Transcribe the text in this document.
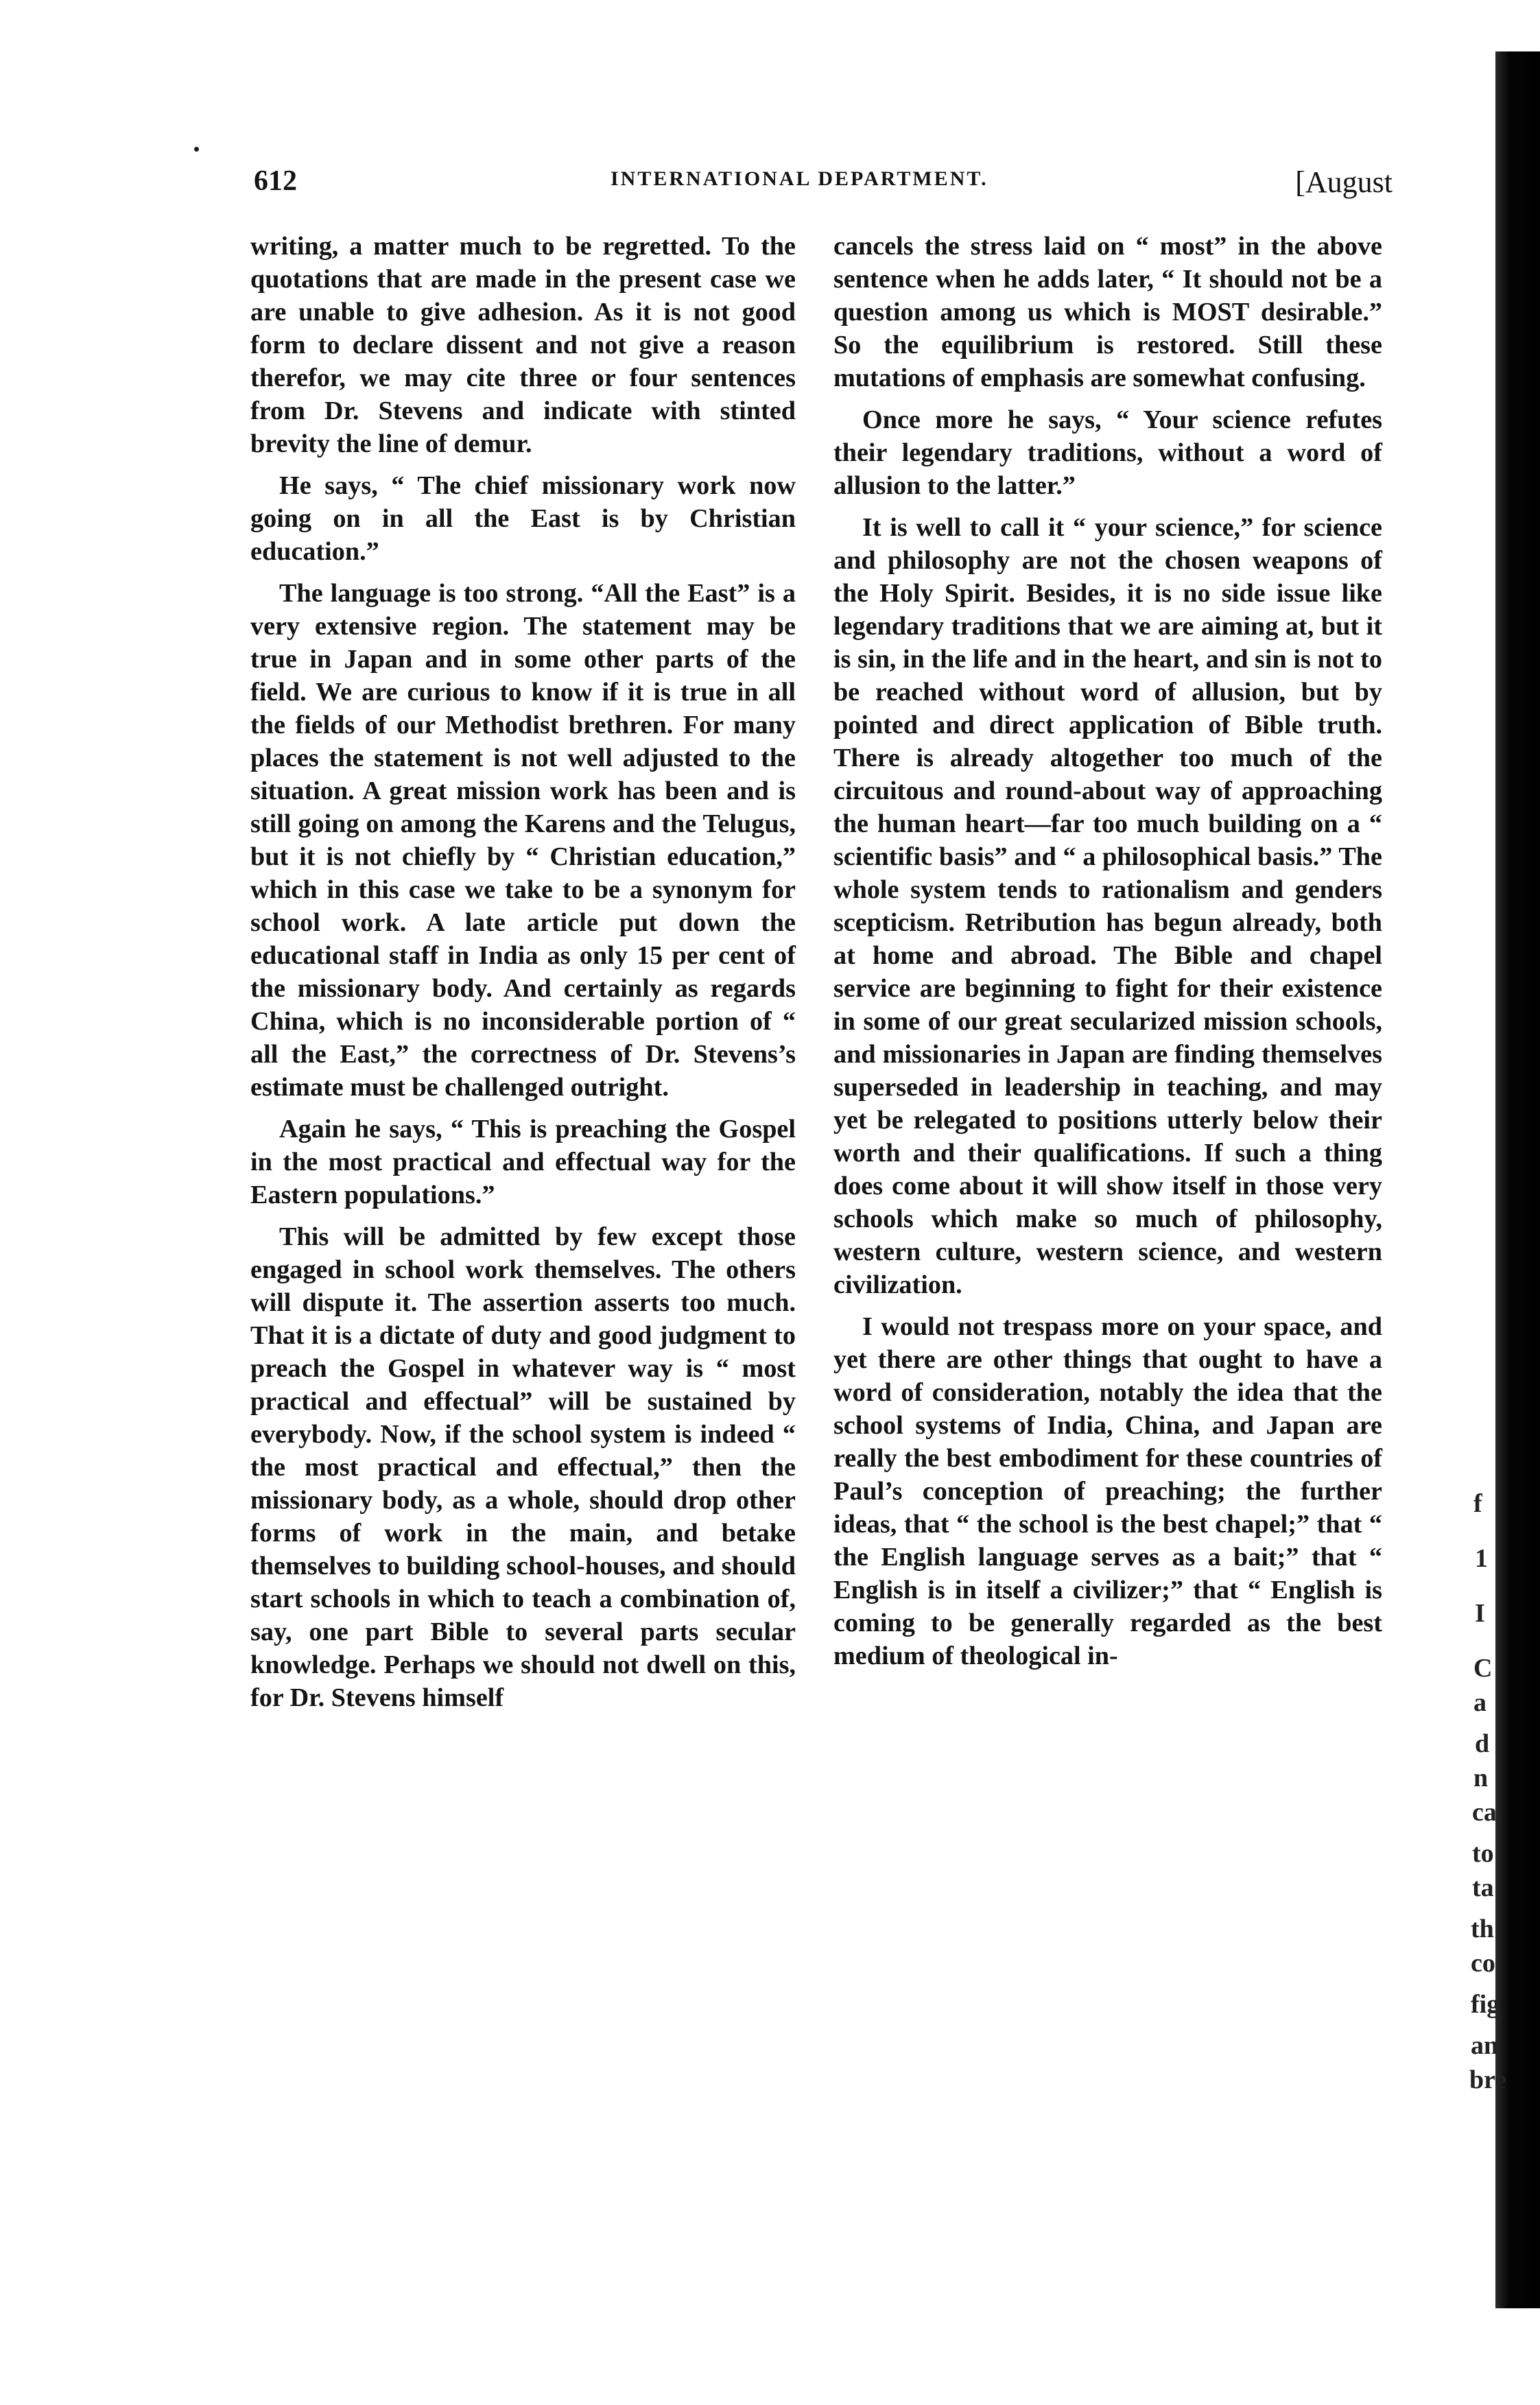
612	INTERNATIONAL DEPARTMENT.	[August

writing, a matter much to be regretted. To the quotations that are made in the present case we are unable to give adhesion. As it is not good form to declare dissent and not give a reason therefor, we may cite three or four sentences from Dr. Stevens and indicate with stinted brevity the line of demur.

He says, “ The chief missionary work now going on in all the East is by Christian education.”

The language is too strong. “All the East” is a very extensive region. The statement may be true in Japan and in some other parts of the field. We are curious to know if it is true in all the fields of our Methodist brethren. For many places the statement is not well adjusted to the situation. A great mission work has been and is still going on among the Karens and the Telugus, but it is not chiefly by “ Christian education,” which in this case we take to be a synonym for school work. A late article put down the educational staff in India as only 15 per cent of the missionary body. And certainly as regards China, which is no inconsiderable portion of “ all the East,” the correctness of Dr. Stevens’s estimate must be challenged outright.

Again he says, “ This is preaching the Gospel in the most practical and effectual way for the Eastern populations.”

This will be admitted by few except those engaged in school work themselves. The others will dispute it. The assertion asserts too much. That it is a dictate of duty and good judgment to preach the Gospel in whatever way is “ most practical and effectual” will be sustained by everybody. Now, if the school system is indeed “ the most practical and effectual,” then the missionary body, as a whole, should drop other forms of work in the main, and betake themselves to building school-houses, and should start schools in which to teach a combination of, say, one part Bible to several parts secular knowledge. Perhaps we should not dwell on this, for Dr. Stevens himself

cancels the stress laid on “ most” in the above sentence when he adds later, “ It should not be a question among us which is MOST desirable.” So the equilibrium is restored. Still these mutations of emphasis are somewhat confusing.

Once more he says, “ Your science refutes their legendary traditions, without a word of allusion to the latter.”

It is well to call it “ your science,” for science and philosophy are not the chosen weapons of the Holy Spirit. Besides, it is no side issue like legendary traditions that we are aiming at, but it is sin, in the life and in the heart, and sin is not to be reached without word of allusion, but by pointed and direct application of Bible truth. There is already altogether too much of the circuitous and round-about way of approaching the human heart—far too much building on a “ scientific basis” and “ a philosophical basis.” The whole system tends to rationalism and genders scepticism. Retribution has begun already, both at home and abroad. The Bible and chapel service are beginning to fight for their existence in some of our great secularized mission schools, and missionaries in Japan are finding themselves superseded in leadership in teaching, and may yet be relegated to positions utterly below their worth and their qualifications. If such a thing does come about it will show itself in those very schools which make so much of philosophy, western culture, western science, and western civilization.

I would not trespass more on your space, and yet there are other things that ought to have a word of consideration, notably the idea that the school systems of India, China, and Japan are really the best embodiment for these countries of Paul’s conception of preaching; the further ideas, that “ the school is the best chapel;” that “ the English language serves as a bait;” that “ English is in itself a civilizer;” that “ English is coming to be generally regarded as the best medium of theological in-

f
1
I
C
a
d
n
ca
to
ta
th
co
fig
an
bre
